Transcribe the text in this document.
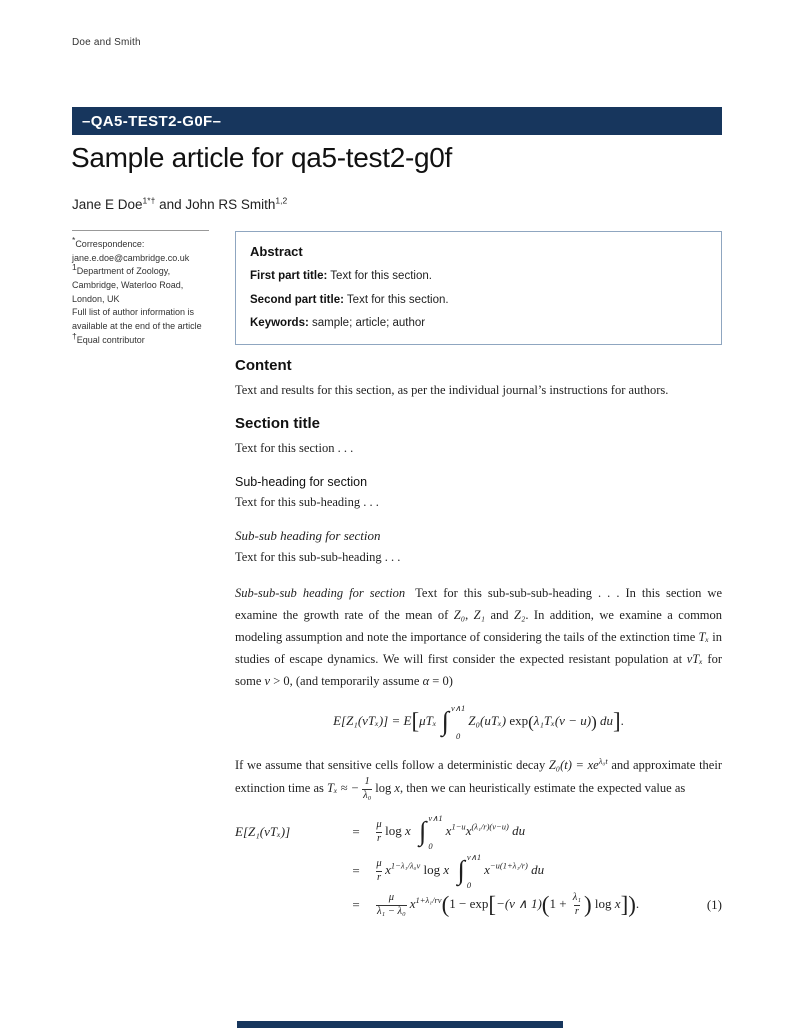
Doe and Smith
–QA5-TEST2-G0F–
Sample article for qa5-test2-g0f
Jane E Doe$^{1*\dagger}$ and John RS Smith$^{1,2}$
*Correspondence:
jane.e.doe@cambridge.co.uk
$^1$Department of Zoology,
Cambridge, Waterloo Road,
London, UK
Full list of author information is
available at the end of the article
†Equal contributor
Abstract
First part title: Text for this section.
Second part title: Text for this section.
Keywords: sample; article; author
Content

Text and results for this section, as per the individual journal’s instructions for authors.

Section title

Text for this section . . .

Sub-heading for section

Text for this sub-heading . . .

Sub-sub heading for section

Text for this sub-sub-heading . . .

Sub-sub-sub heading for section Text for this sub-sub-sub-heading . . . In this section we examine the growth rate of the mean of Z₀, Z₁ and Z₂. In addition, we examine a common modeling assumption and note the importance of considering the tails of the extinction time Tₓ in studies of escape dynamics. We will first consider the expected resistant population at vTₓ for some v > 0, (and temporarily assume α = 0)

E[Z₁(vTₓ)] = E[μTₓ ∫ v∧1
0
Z₀(uTₓ) exp(λ₁Tₓ(v − u)) du].

If we assume that sensitive cells follow a deterministic decay $Z_0(t) = xe^{\lambda_0t}$ and approximate their extinction time as Tₓ ≈ − $\frac{1}{\text{λ₀}}$ log x, then we can heuristically estimate the expected value as

E[Z₁(vTₓ)]	=	$\frac{\mu}{r}$ log x ∫ v∧1
0
$x^{1-u}x^{(\lambda_1/r)(v-u)}$ du
=	$\frac{\mu}{r} x^{1-\lambda_1/\lambda_0v}$ log x ∫ v∧1
0
$x^{-u(1+\lambda_1/r)}$ du
=	$\frac{\mu}{\text{λ₁ − λ₀}} x^{1+\lambda_1/rv}(1 - \exp[-(v$ ∧ $1)(1 + \frac{\text{λ₁}}{r}$ ) log x]).	(1)
